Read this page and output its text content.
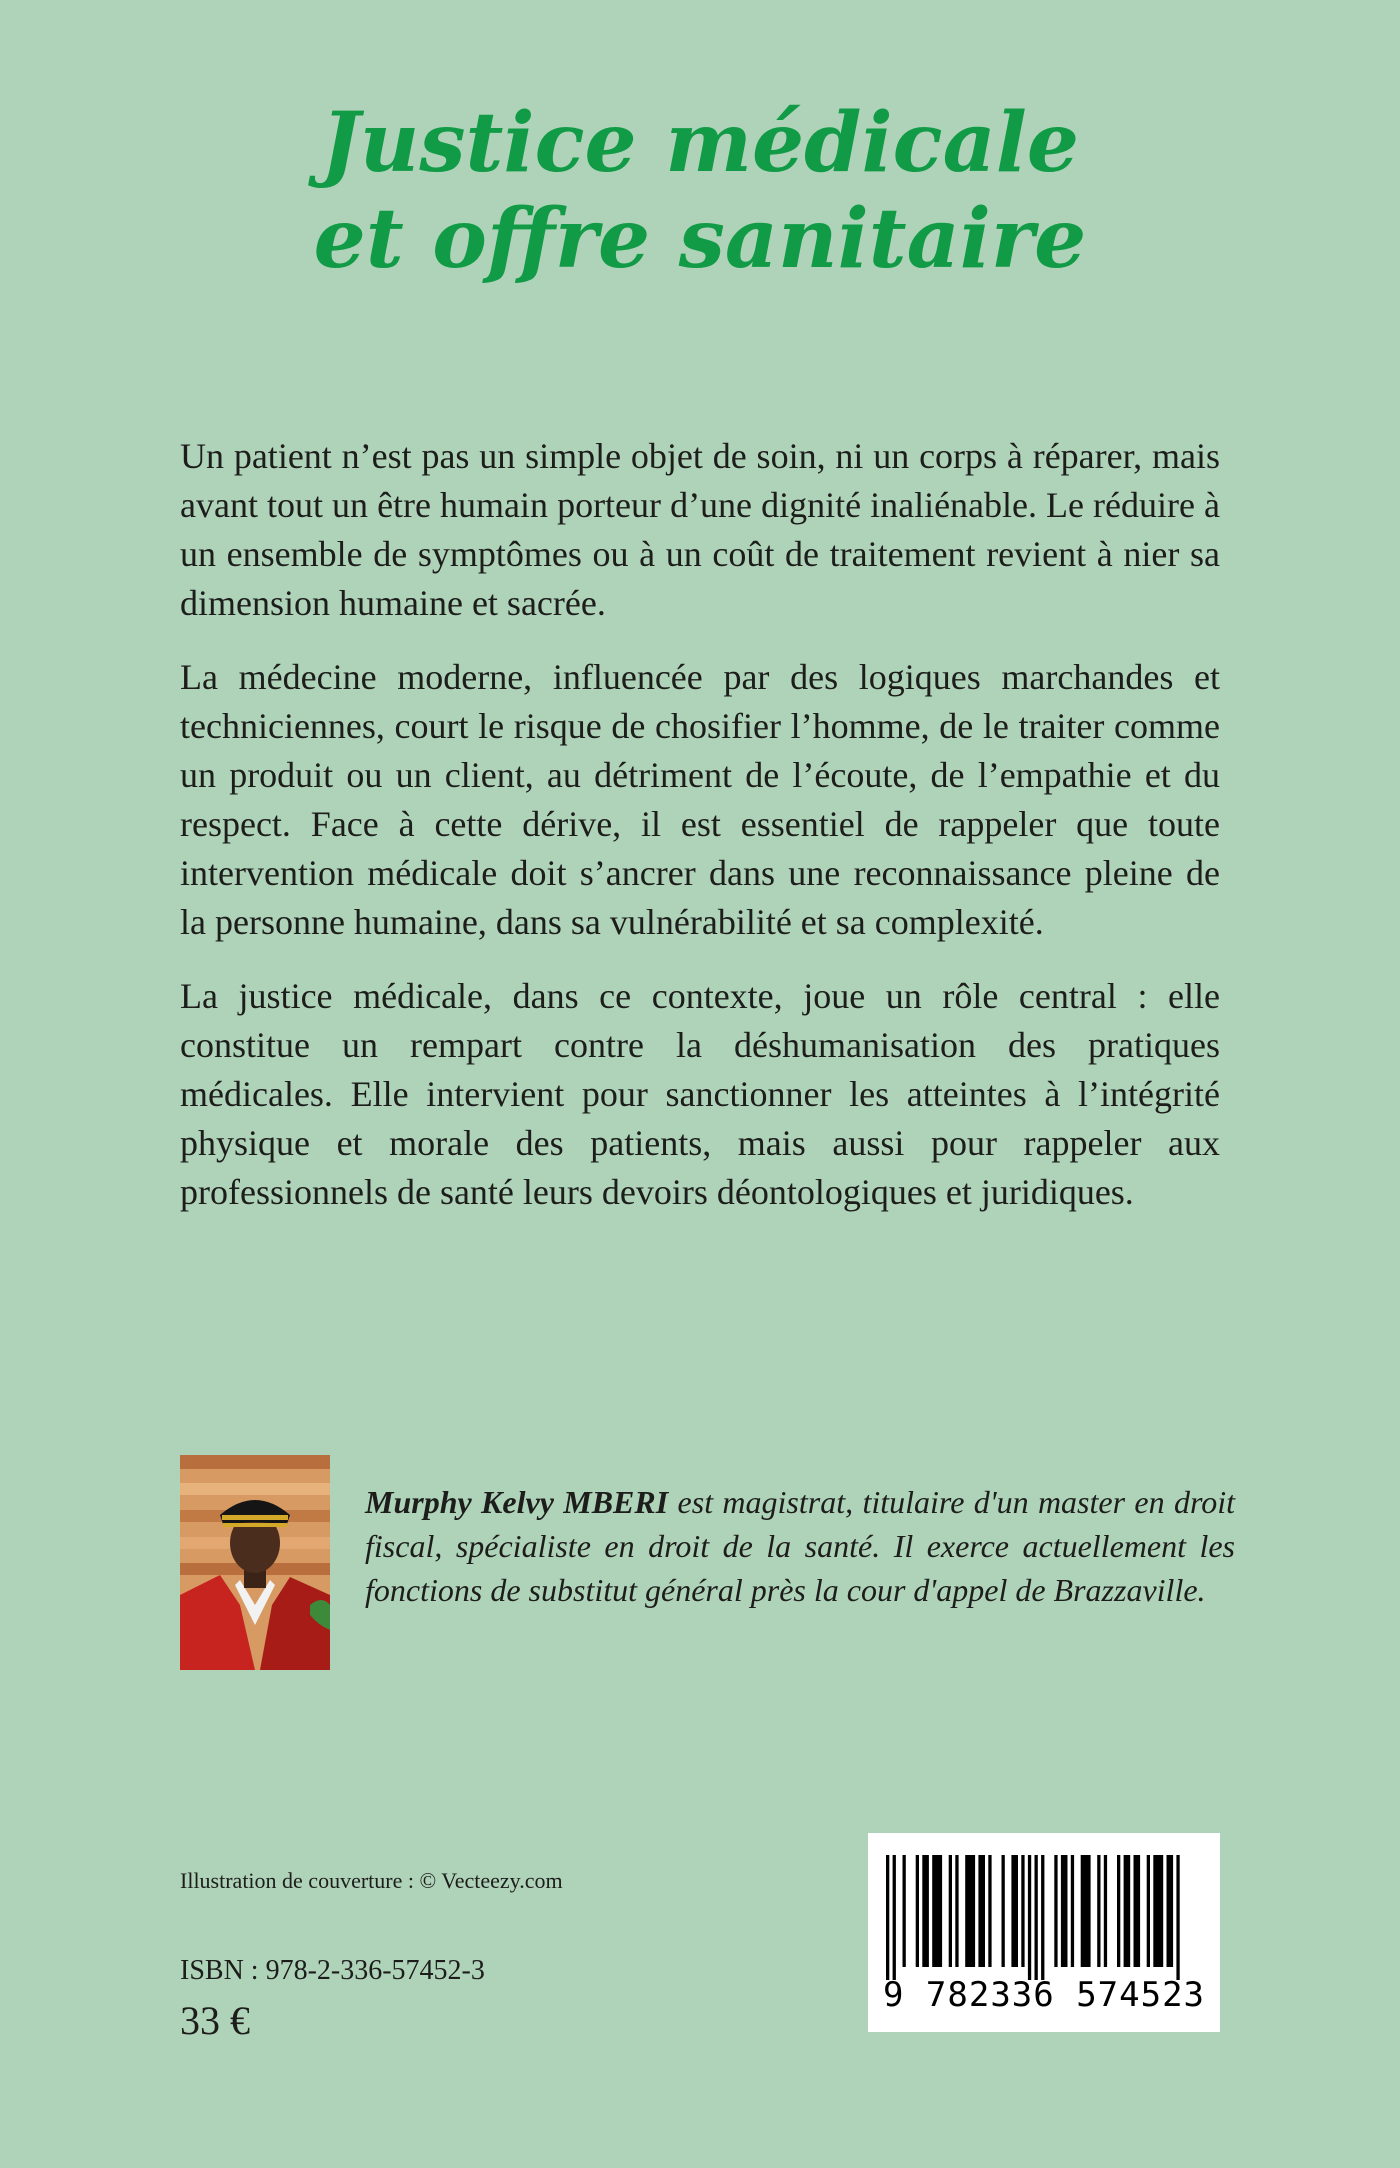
Justice médicale
et offre sanitaire

Un patient n’est pas un simple objet de soin, ni un corps à réparer, mais avant tout un être humain porteur d’une dignité inaliénable. Le réduire à un ensemble de symptômes ou à un coût de traitement revient à nier sa dimension humaine et sacrée.

La médecine moderne, influencée par des logiques marchandes et techniciennes, court le risque de chosifier l’homme, de le traiter comme un produit ou un client, au détriment de l’écoute, de l’empathie et du respect. Face à cette dérive, il est essentiel de rappeler que toute intervention médicale doit s’ancrer dans une reconnaissance pleine de la personne humaine, dans sa vulnérabilité et sa complexité.

La justice médicale, dans ce contexte, joue un rôle central : elle constitue un rempart contre la déshumanisation des pratiques médicales. Elle intervient pour sanctionner les atteintes à l’intégrité physique et morale des patients, mais aussi pour rappeler aux professionnels de santé leurs devoirs déontologiques et juridiques.

Murphy Kelvy MBERI est magistrat, titulaire d'un master en droit fiscal, spécialiste en droit de la santé. Il exerce actuellement les fonctions de substitut général près la cour d'appel de Brazzaville.

Illustration de couverture : © Vecteezy.com

ISBN : 978-2-336-57452-3

33 €

9 782336 574523
